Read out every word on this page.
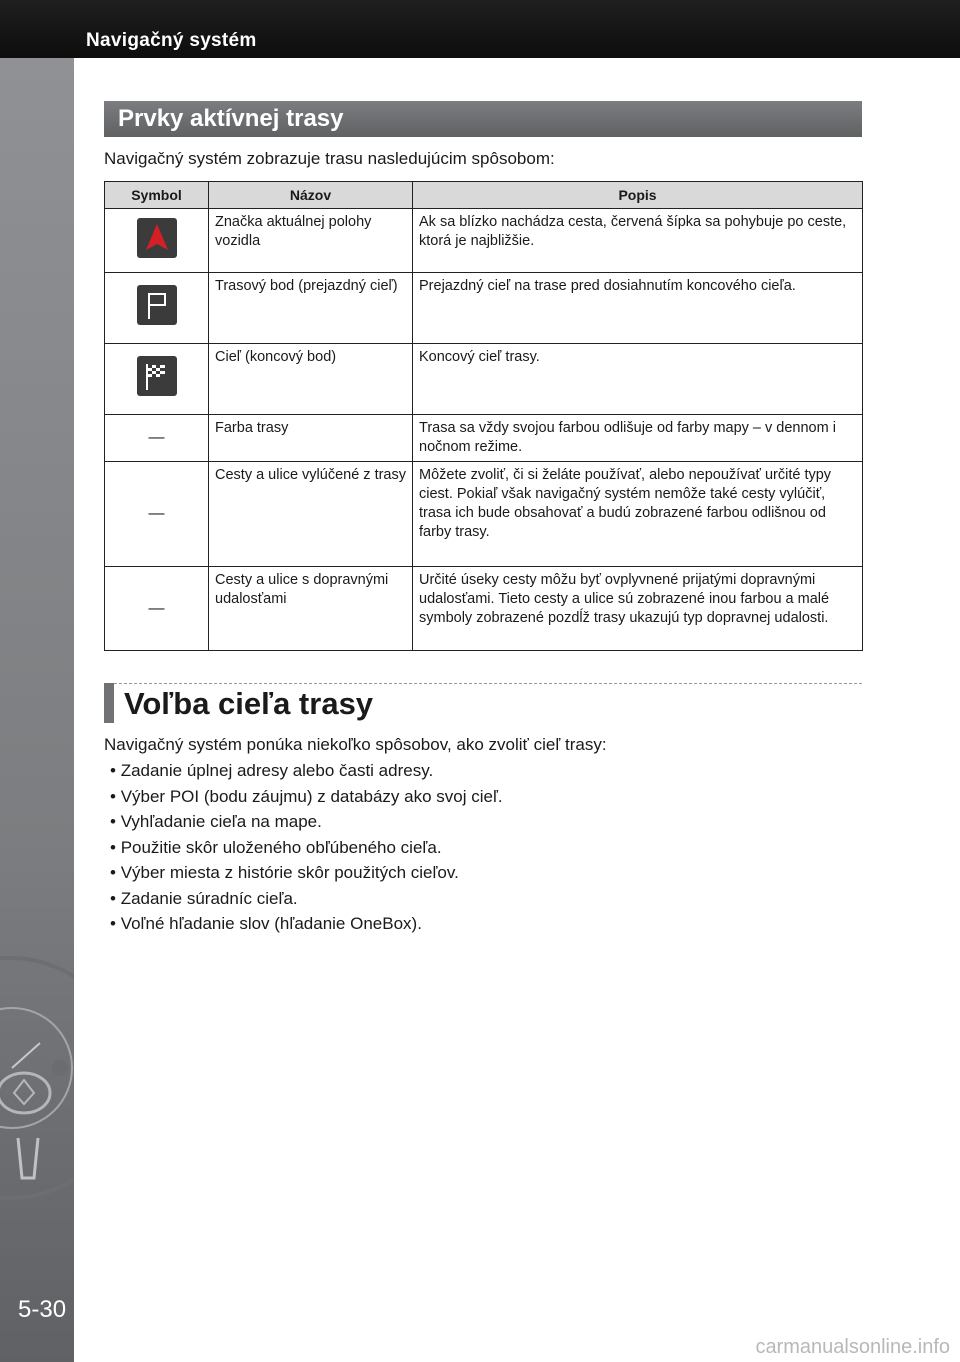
Navigačný systém
5-30
Prvky aktívnej trasy
Navigačný systém zobrazuje trasu nasledujúcim spôsobom:
Symbol	Názov	Popis

	Značka aktuálnej polohy vozidla	Ak sa blízko nachádza cesta, červená šípka sa pohybuje po ceste, ktorá je najbližšie.

	Trasový bod (prejazdný cieľ)	Prejazdný cieľ na trase pred dosiahnutím koncového cieľa.

	Cieľ (koncový bod)	Koncový cieľ trasy.
—	Farba trasy	Trasa sa vždy svojou farbou odlišuje od farby mapy – v dennom i nočnom režime.
—	Cesty a ulice vylúčené z trasy	Môžete zvoliť, či si želáte používať, alebo nepoužívať určité typy ciest. Pokiaľ však navigačný systém nemôže také cesty vylúčiť, trasa ich bude obsahovať a budú zobrazené farbou odlišnou od farby trasy.
—	Cesty a ulice s dopravnými udalosťami	Určité úseky cesty môžu byť ovplyvnené prijatými dopravnými udalosťami. Tieto cesty a ulice sú zobrazené inou farbou a malé symboly zobrazené pozdĺž trasy ukazujú typ dopravnej udalosti.
Voľba cieľa trasy
Navigačný systém ponúka niekoľko spôsobov, ako zvoliť cieľ trasy:
• Zadanie úplnej adresy alebo časti adresy.
• Výber POI (bodu záujmu) z databázy ako svoj cieľ.
• Vyhľadanie cieľa na mape.
• Použitie skôr uloženého obľúbeného cieľa.
• Výber miesta z histórie skôr použitých cieľov.
• Zadanie súradníc cieľa.
• Voľné hľadanie slov (hľadanie OneBox).
carmanualsonline.info
